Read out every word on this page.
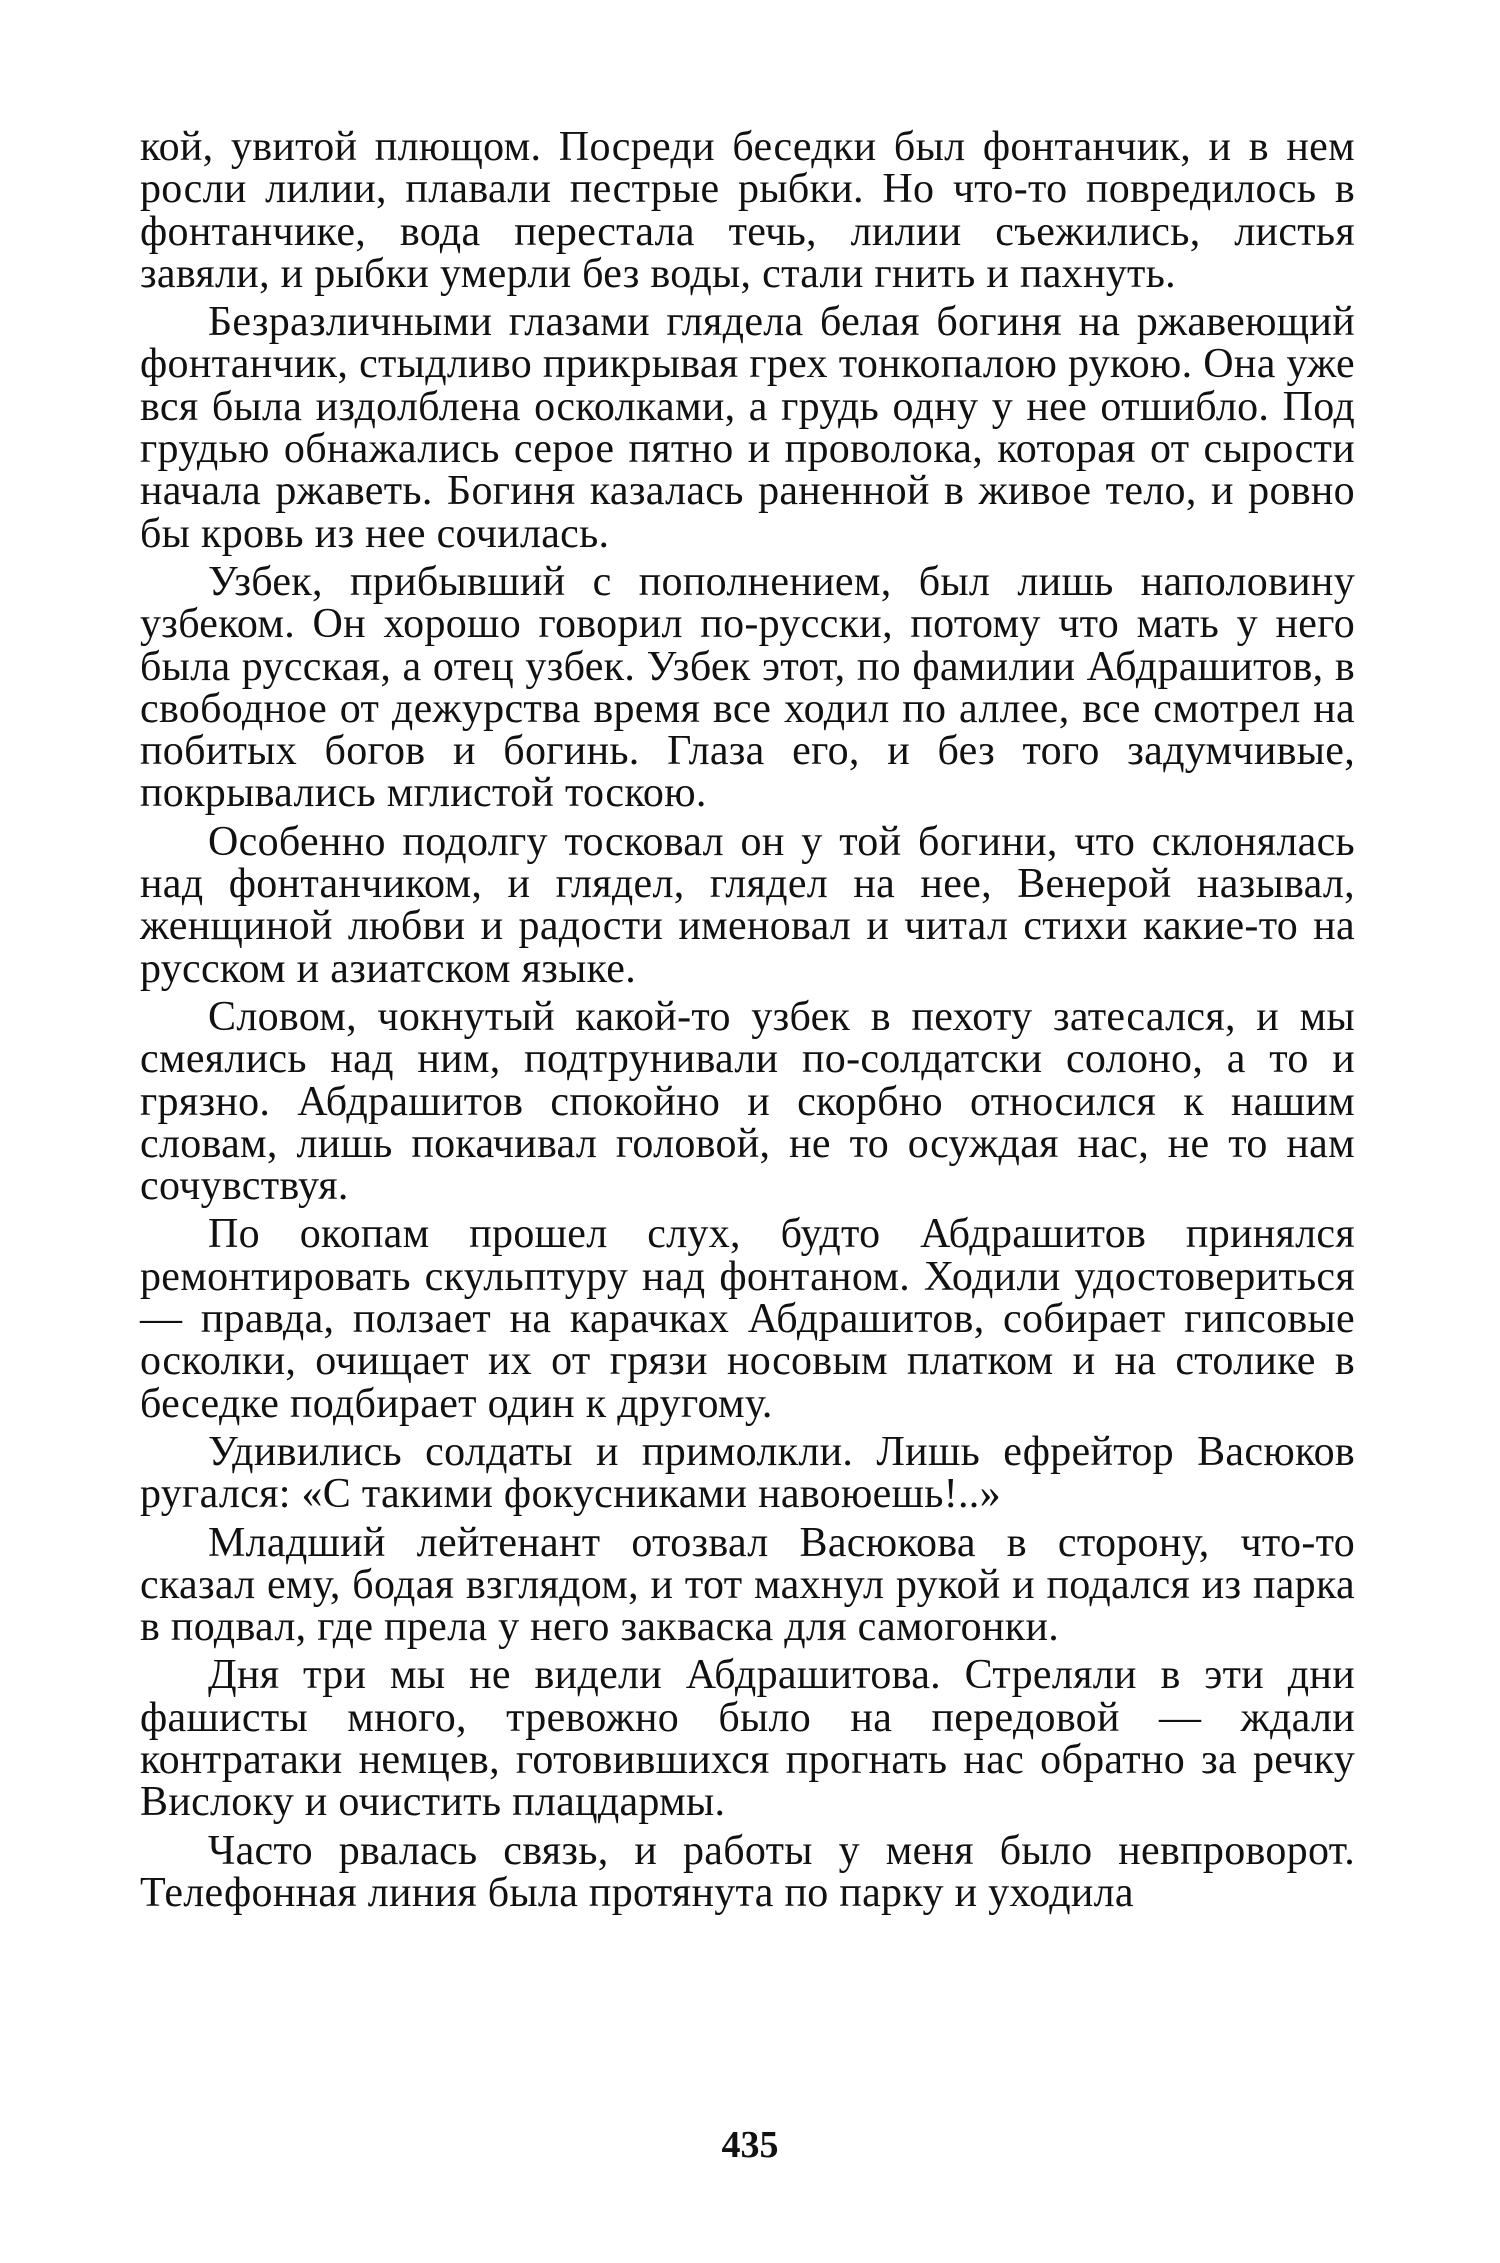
кой, увитой плющом. Посреди беседки был фонтанчик, и в нем росли лилии, плавали пестрые рыбки. Но что-то повредилось в фонтанчике, вода перестала течь, лилии съежились, листья завяли, и рыбки умерли без воды, стали гнить и пахнуть.

Безразличными глазами глядела белая богиня на ржавеющий фонтанчик, стыдливо прикрывая грех тонкопалою рукою. Она уже вся была издолблена осколками, а грудь одну у нее отшибло. Под грудью обнажались серое пятно и проволока, которая от сырости начала ржаветь. Богиня казалась раненной в живое тело, и ровно бы кровь из нее сочилась.

Узбек, прибывший с пополнением, был лишь наполовину узбеком. Он хорошо говорил по-русски, потому что мать у него была русская, а отец узбек. Узбек этот, по фамилии Абдрашитов, в свободное от дежурства время все ходил по аллее, все смотрел на побитых богов и богинь. Глаза его, и без того задумчивые, покрывались мглистой тоскою.

Особенно подолгу тосковал он у той богини, что склонялась над фонтанчиком, и глядел, глядел на нее, Венерой называл, женщиной любви и радости именовал и читал стихи какие-то на русском и азиатском языке.

Словом, чокнутый какой-то узбек в пехоту затесался, и мы смеялись над ним, подтрунивали по-солдатски солоно, а то и грязно. Абдрашитов спокойно и скорбно относился к нашим словам, лишь покачивал головой, не то осуждая нас, не то нам сочувствуя.

По окопам прошел слух, будто Абдрашитов принялся ремонтировать скульптуру над фонтаном. Ходили удостовериться — правда, ползает на карачках Абдрашитов, собирает гипсовые осколки, очищает их от грязи носовым платком и на столике в беседке подбирает один к другому.

Удивились солдаты и примолкли. Лишь ефрейтор Васюков ругался: «С такими фокусниками навоюешь!..»

Младший лейтенант отозвал Васюкова в сторону, что-то сказал ему, бодая взглядом, и тот махнул рукой и подался из парка в подвал, где прела у него закваска для самогонки.

Дня три мы не видели Абдрашитова. Стреляли в эти дни фашисты много, тревожно было на передовой — ждали контратаки немцев, готовившихся прогнать нас обратно за речку Вислоку и очистить плацдармы.

Часто рвалась связь, и работы у меня было невпроворот. Телефонная линия была протянута по парку и уходила

435
